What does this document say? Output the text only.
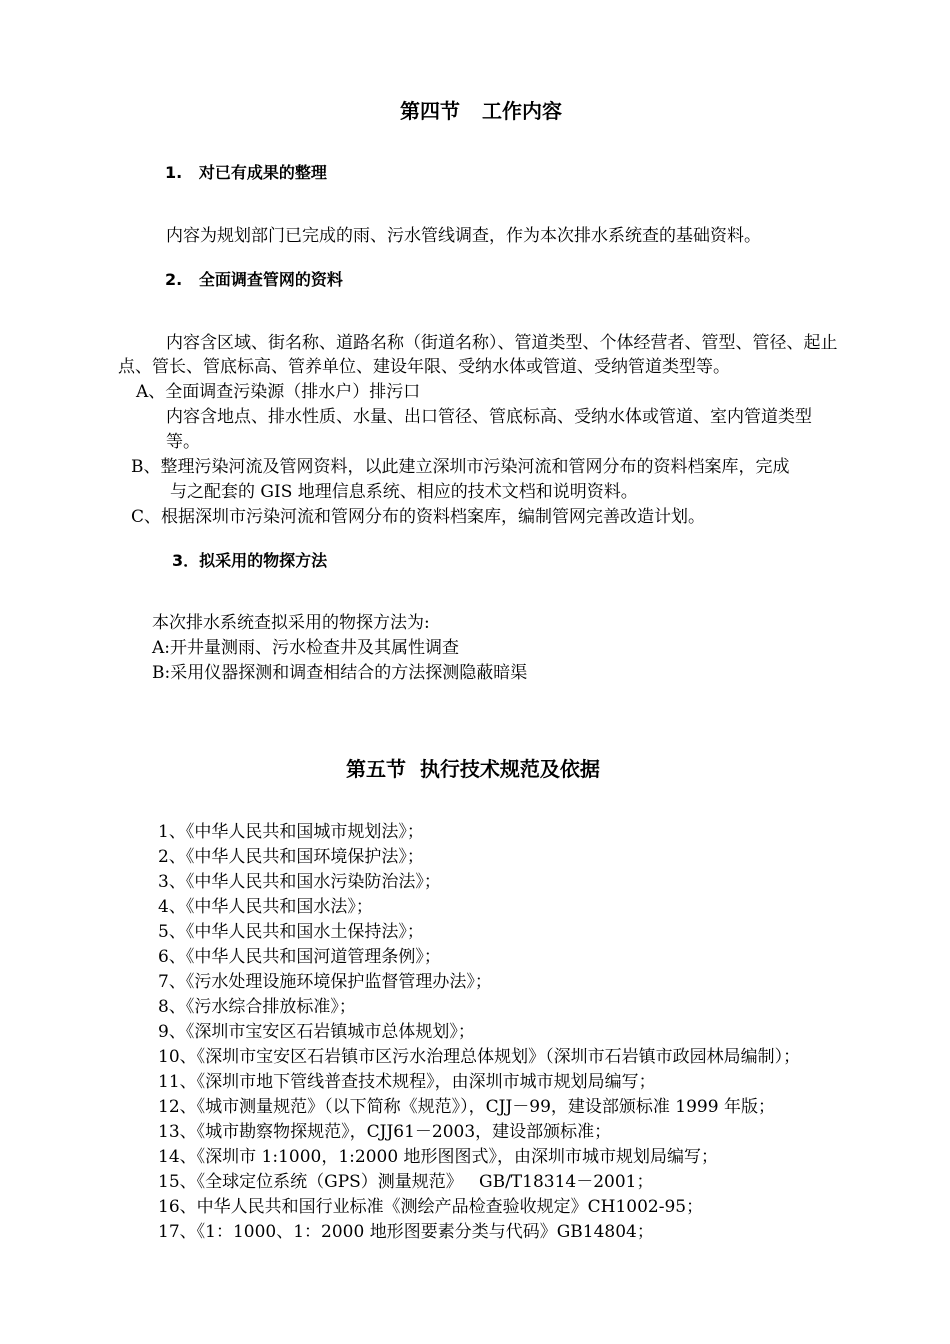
第四节 工作内容
1.   对已有成果的整理
内容为规划部门已完成的雨、污水管线调查，作为本次排水系统查的基础资料。
2.   全面调查管网的资料
内容含区域、街名称、道路名称（街道名称）、管道类型、个体经营者、管型、管径、起止
点、管长、管底标高、管养单位、建设年限、受纳水体或管道、受纳管道类型等。
A、全面调查污染源（排水户）排污口
内容含地点、排水性质、水量、出口管径、管底标高、受纳水体或管道、室内管道类型
等。
B、整理污染河流及管网资料，以此建立深圳市污染河流和管网分布的资料档案库，完成
与之配套的 GIS 地理信息系统、相应的技术文档和说明资料。
C、根据深圳市污染河流和管网分布的资料档案库，编制管网完善改造计划。
3．拟采用的物探方法
本次排水系统查拟采用的物探方法为:
A:开井量测雨、污水检查井及其属性调查
B:采用仪器探测和调查相结合的方法探测隐蔽暗渠
第五节  执行技术规范及依据
1、《中华人民共和国城市规划法》；
2、《中华人民共和国环境保护法》；
3、《中华人民共和国水污染防治法》；
4、《中华人民共和国水法》；
5、《中华人民共和国水土保持法》；
6、《中华人民共和国河道管理条例》；
7、《污水处理设施环境保护监督管理办法》；
8、《污水综合排放标准》；
9、《深圳市宝安区石岩镇城市总体规划》；
10、《深圳市宝安区石岩镇市区污水治理总体规划》（深圳市石岩镇市政园林局编制）；
11、《深圳市地下管线普查技术规程》，由深圳市城市规划局编写；
12、《城市测量规范》（以下简称《规范》），CJJ－99，建设部颁标准 1999 年版；
13、《城市勘察物探规范》，CJJ61－2003，建设部颁标准；
14、《深圳市 1:1000，1:2000 地形图图式》，由深圳市城市规划局编写；
15、《全球定位系统（GPS）测量规范》   GB/T18314－2001；
16、中华人民共和国行业标准《测绘产品检查验收规定》CH1002-95；
17、《1：1000、1：2000 地形图要素分类与代码》GB14804；
